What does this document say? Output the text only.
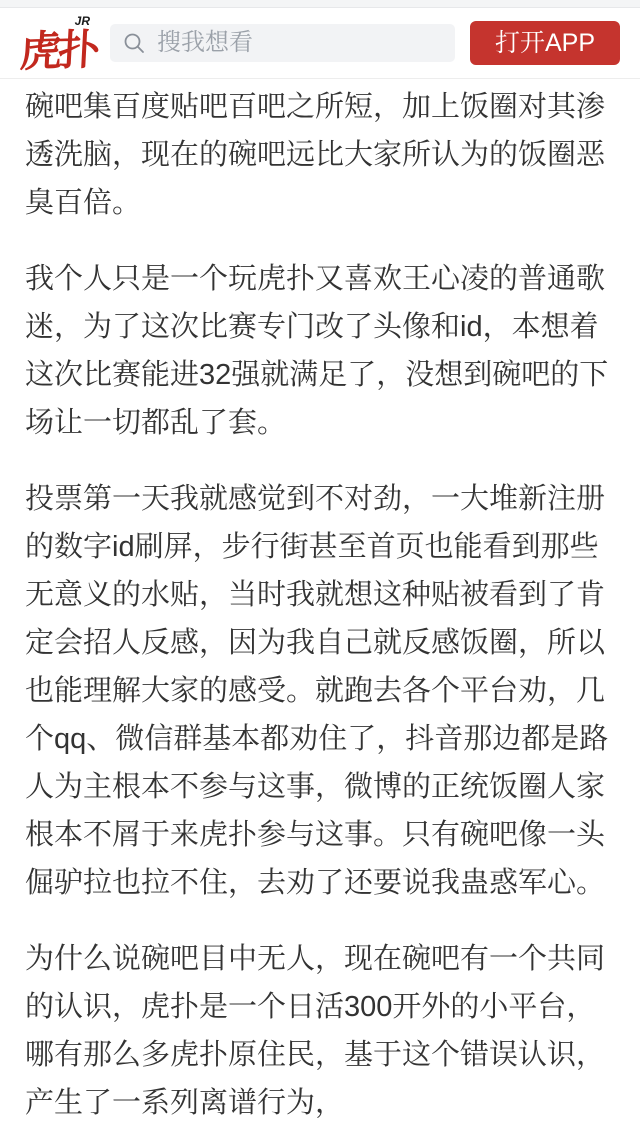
虎扑
JR
搜我想看	打开APP

碗吧集百度贴吧百吧之所短，加上饭圈对其渗
透洗脑，现在的碗吧远比大家所认为的饭圈恶
臭百倍。

我个人只是一个玩虎扑又喜欢王心凌的普通歌
迷，为了这次比赛专门改了头像和id，本想着
这次比赛能进32强就满足了，没想到碗吧的下
场让一切都乱了套。

投票第一天我就感觉到不对劲，一大堆新注册
的数字id刷屏，步行街甚至首页也能看到那些
无意义的水贴，当时我就想这种贴被看到了肯
定会招人反感，因为我自己就反感饭圈，所以
也能理解大家的感受。就跑去各个平台劝，几
个qq、微信群基本都劝住了，抖音那边都是路
人为主根本不参与这事，微博的正统饭圈人家
根本不屑于来虎扑参与这事。只有碗吧像一头
倔驴拉也拉不住，去劝了还要说我蛊惑军心。

为什么说碗吧目中无人，现在碗吧有一个共同
的认识，虎扑是一个日活300开外的小平台，
哪有那么多虎扑原住民，基于这个错误认识，
产生了一系列离谱行为，
